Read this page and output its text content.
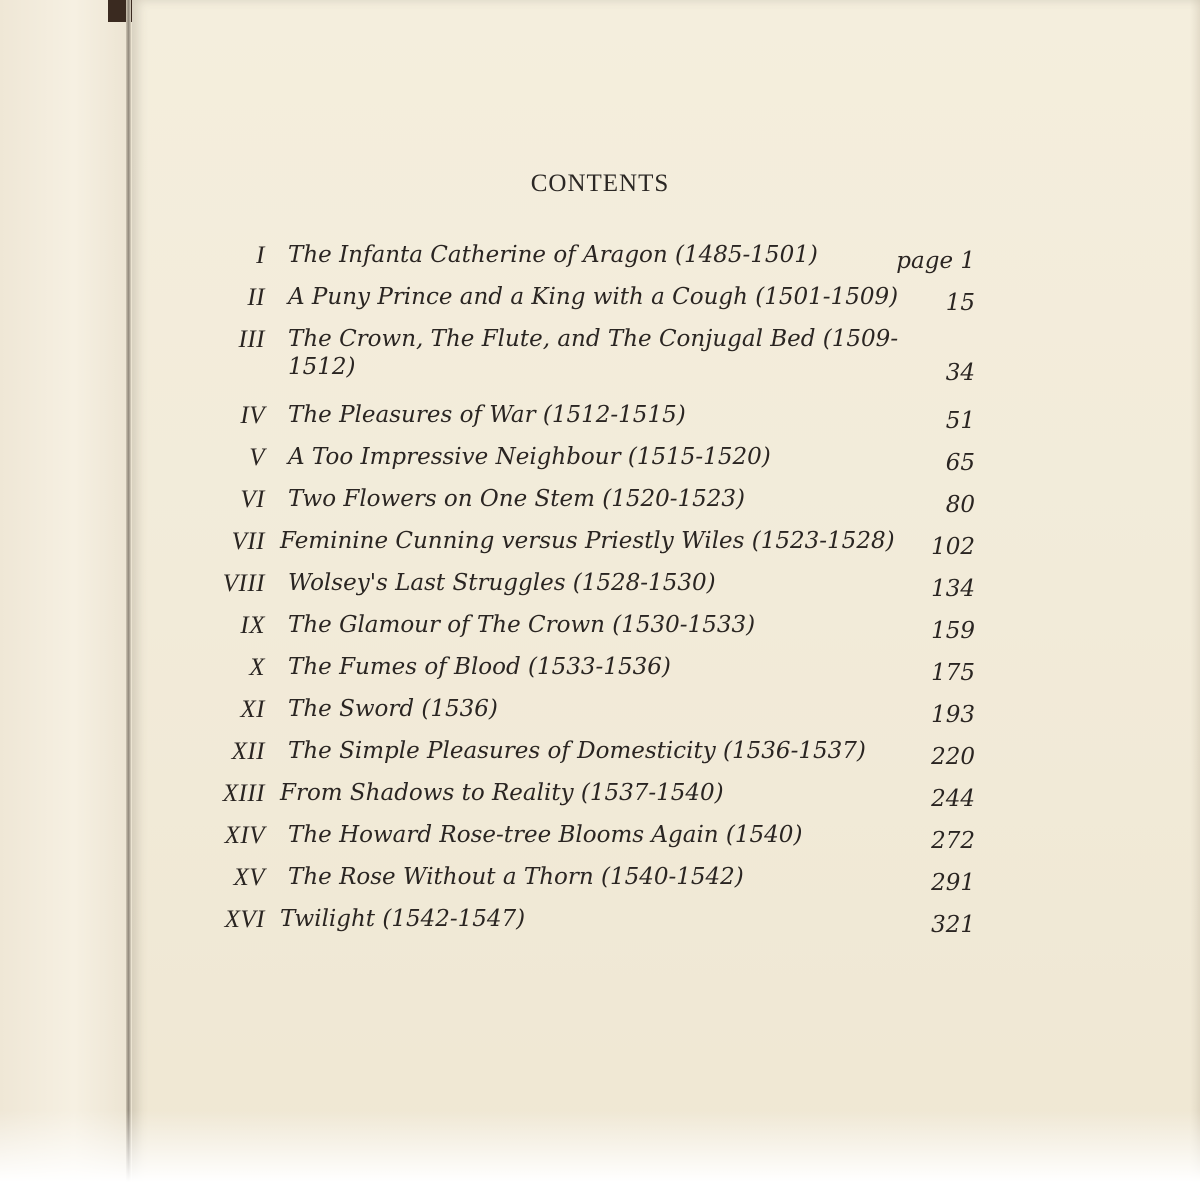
CONTENTS
I The Infanta Catherine of Aragon (1485-1501)	page 1
II A Puny Prince and a King with a Cough (1501-1509) 15
III The Crown, The Flute, and The Conjugal Bed (1509-
1512)	34
IV The Pleasures of War (1512-1515)	51
V A Too Impressive Neighbour (1515-1520)	65
VI Two Flowers on One Stem (1520-1523)	80
VII Feminine Cunning versus Priestly Wiles (1523-1528) 102
VIII Wolsey's Last Struggles (1528-1530)	134
IX The Glamour of The Crown (1530-1533)	159
X The Fumes of Blood (1533-1536)	175
XI The Sword (1536)	193
XII The Simple Pleasures of Domesticity (1536-1537)	220
XIII From Shadows to Reality (1537-1540)	244
XIV The Howard Rose-tree Blooms Again (1540)	272
XV The Rose Without a Thorn (1540-1542)	291
XVI Twilight (1542-1547)	321
